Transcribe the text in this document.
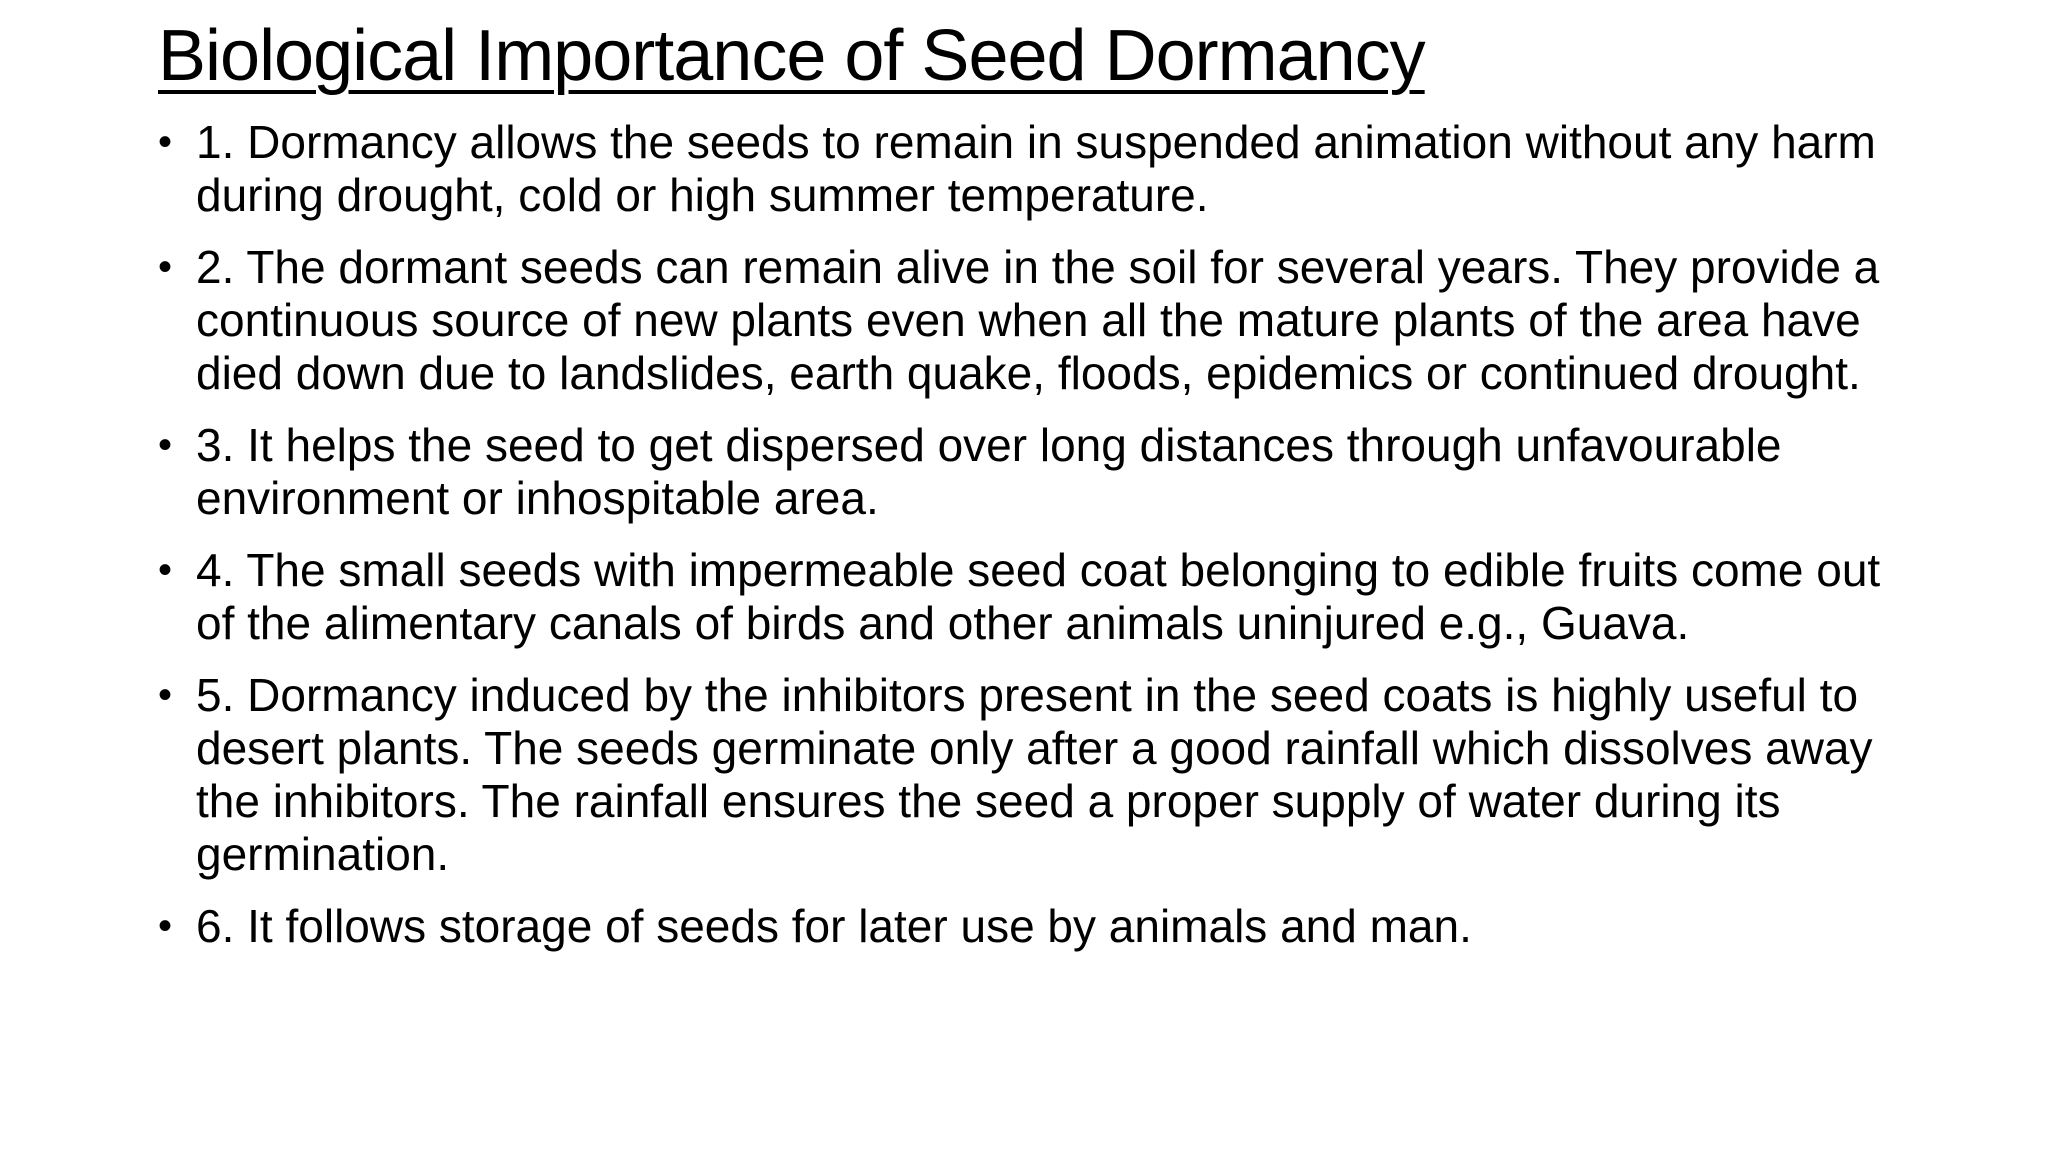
Biological Importance of Seed Dormancy
• 1. Dormancy allows the seeds to remain in suspended animation without any harm during drought, cold or high summer temperature.
• 2. The dormant seeds can remain alive in the soil for several years. They provide a continuous source of new plants even when all the mature plants of the area have died down due to landslides, earth quake, floods, epidemics or continued drought.
• 3. It helps the seed to get dispersed over long distances through unfavourable environment or inhospitable area.
• 4. The small seeds with impermeable seed coat belonging to edible fruits come out of the alimentary canals of birds and other animals uninjured e.g., Guava.
• 5. Dormancy induced by the inhibitors present in the seed coats is highly useful to desert plants. The seeds germinate only after a good rainfall which dissolves away the inhibitors. The rainfall ensures the seed a proper supply of water during its germination.
• 6. It follows storage of seeds for later use by animals and man.
